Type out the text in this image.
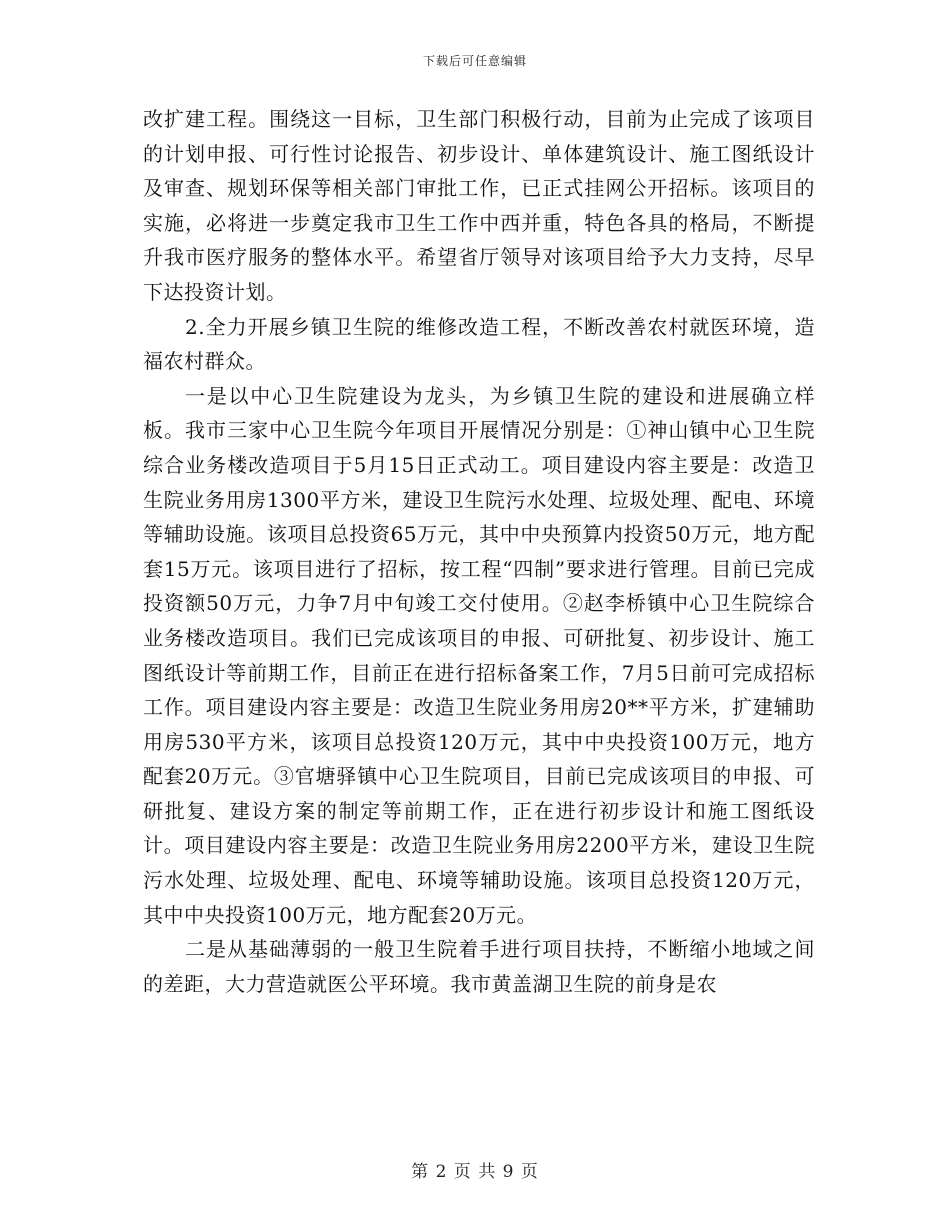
下载后可任意编辑

改扩建工程。围绕这一目标，卫生部门积极行动，目前为止完成了该项目的计划申报、可行性讨论报告、初步设计、单体建筑设计、施工图纸设计及审查、规划环保等相关部门审批工作，已正式挂网公开招标。该项目的实施，必将进一步奠定我市卫生工作中西并重，特色各具的格局，不断提升我市医疗服务的整体水平。希望省厅领导对该项目给予大力支持，尽早下达投资计划。

2.全力开展乡镇卫生院的维修改造工程，不断改善农村就医环境，造福农村群众。

一是以中心卫生院建设为龙头，为乡镇卫生院的建设和进展确立样板。我市三家中心卫生院今年项目开展情况分别是：①神山镇中心卫生院综合业务楼改造项目于5月15日正式动工。项目建设内容主要是：改造卫生院业务用房1300平方米，建设卫生院污水处理、垃圾处理、配电、环境等辅助设施。该项目总投资65万元，其中中央预算内投资50万元，地方配套15万元。该项目进行了招标，按工程“四制”要求进行管理。目前已完成投资额50万元，力争7月中旬竣工交付使用。②赵李桥镇中心卫生院综合业务楼改造项目。我们已完成该项目的申报、可研批复、初步设计、施工图纸设计等前期工作，目前正在进行招标备案工作，7月5日前可完成招标工作。项目建设内容主要是：改造卫生院业务用房20**平方米，扩建辅助用房530平方米，该项目总投资120万元，其中中央投资100万元，地方配套20万元。③官塘驿镇中心卫生院项目，目前已完成该项目的申报、可研批复、建设方案的制定等前期工作，正在进行初步设计和施工图纸设计。项目建设内容主要是：改造卫生院业务用房2200平方米，建设卫生院污水处理、垃圾处理、配电、环境等辅助设施。该项目总投资120万元，其中中央投资100万元，地方配套20万元。

二是从基础薄弱的一般卫生院着手进行项目扶持，不断缩小地域之间的差距，大力营造就医公平环境。我市黄盖湖卫生院的前身是农

第 2 页 共 9 页
